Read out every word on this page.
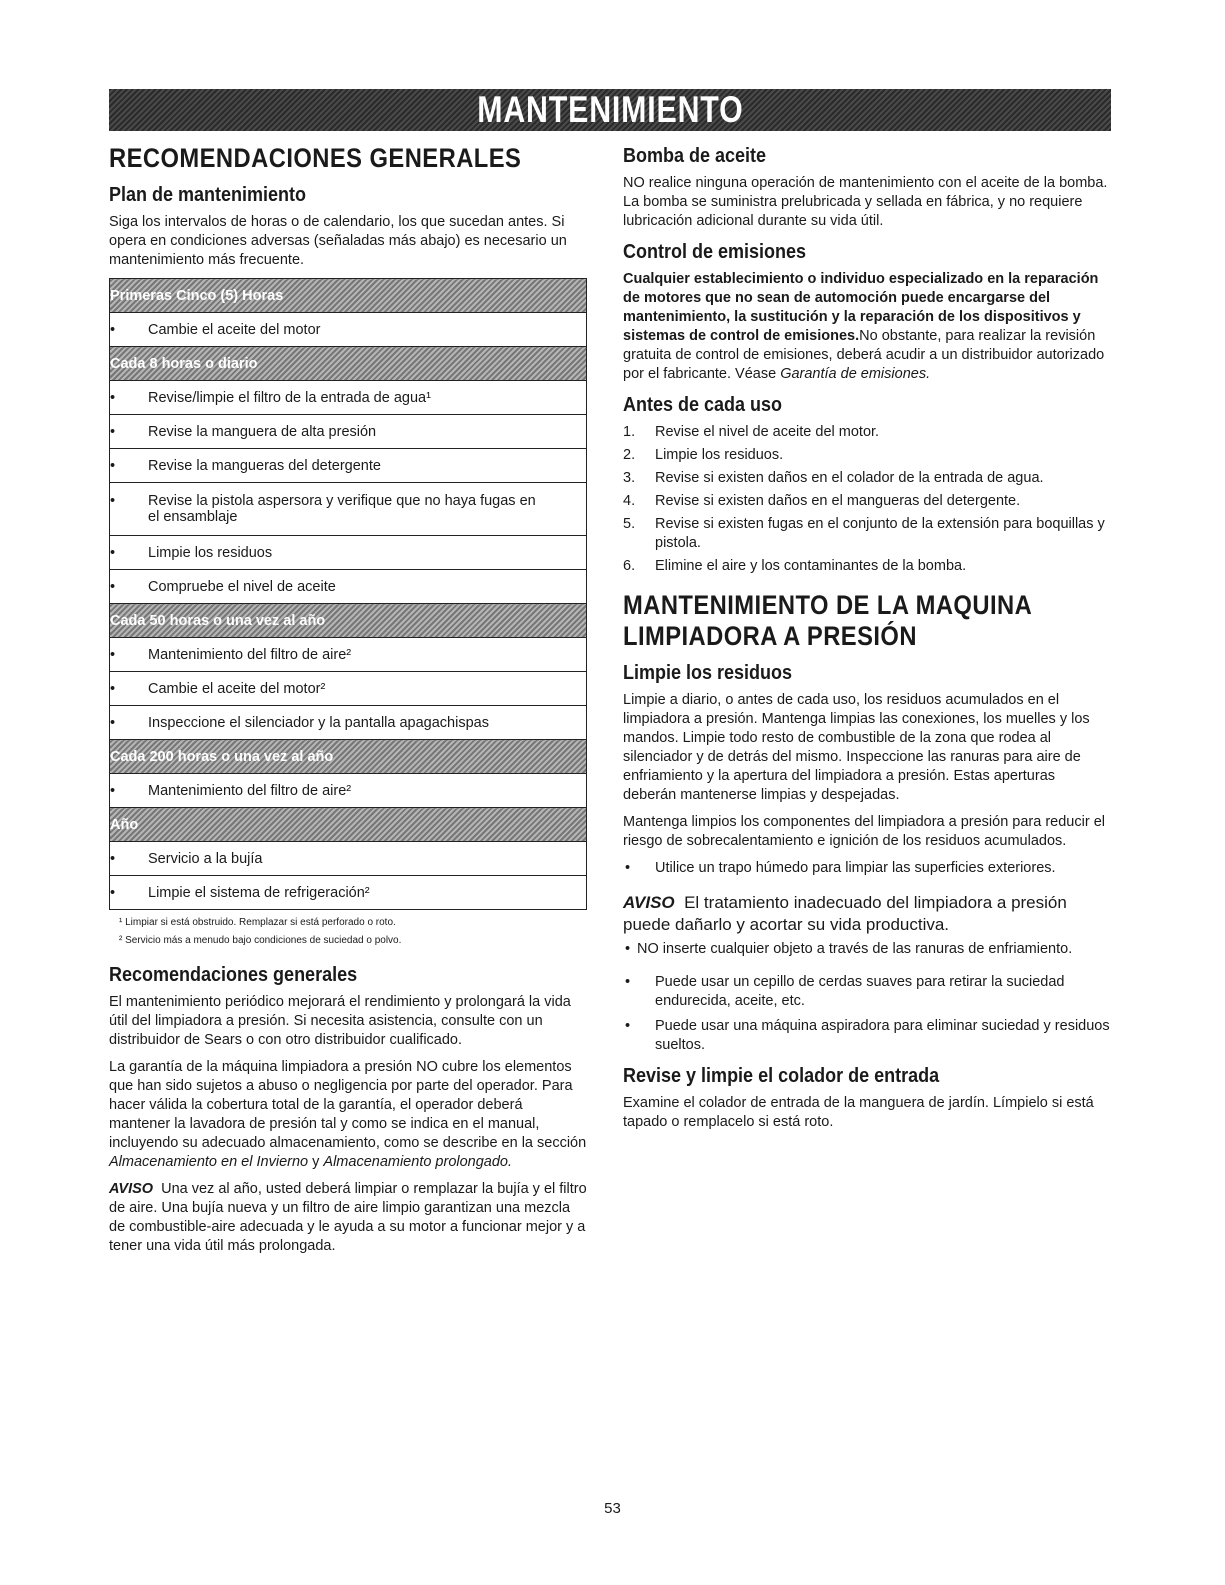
MANTENIMIENTO
RECOMENDACIONES GENERALES
Plan de mantenimiento

Siga los intervalos de horas o de calendario, los que sucedan antes. Si opera en condiciones adversas (señaladas más abajo) es necesario un mantenimiento más frecuente.

Primeras Cinco (5) Horas
• Cambie el aceite del motor
Cada 8 horas o diario
• Revise/limpie el filtro de la entrada de agua¹
• Revise la manguera de alta presión
• Revise la mangueras del detergente

•	Revise la pistola aspersora y verifique que no haya fugas en el ensamblaje

• Limpie los residuos
• Compruebe el nivel de aceite
Cada 50 horas o una vez al año
• Mantenimiento del filtro de aire²
• Cambie el aceite del motor²
• Inspeccione el silenciador y la pantalla apagachispas
Cada 200 horas o una vez al año
• Mantenimiento del filtro de aire²
Año
• Servicio a la bujía
• Limpie el sistema de refrigeración²
¹ Limpiar si está obstruido. Remplazar si está perforado o roto.
² Servicio más a menudo bajo condiciones de suciedad o polvo.
Recomendaciones generales

El mantenimiento periódico mejorará el rendimiento y prolongará la vida útil del limpiadora a presión. Si necesita asistencia, consulte con un distribuidor de Sears o con otro distribuidor cualificado.

La garantía de la máquina limpiadora a presión NO cubre los elementos que han sido sujetos a abuso o negligencia por parte del operador. Para hacer válida la cobertura total de la garantía, el operador deberá mantener la lavadora de presión tal y como se indica en el manual, incluyendo su adecuado almacenamiento, como se describe en la sección Almacenamiento en el Invierno y Almacenamiento prolongado.

AVISO Una vez al año, usted deberá limpiar o remplazar la bujía y el filtro de aire. Una bujía nueva y un filtro de aire limpio garantizan una mezcla de combustible-aire adecuada y le ayuda a su motor a funcionar mejor y a tener una vida útil más prolongada.

Bomba de aceite

NO realice ninguna operación de mantenimiento con el aceite de la bomba. La bomba se suministra prelubricada y sellada en fábrica, y no requiere lubricación adicional durante su vida útil.

Control de emisiones

Cualquier establecimiento o individuo especializado en la reparación de motores que no sean de automoción puede encargarse del mantenimiento, la sustitución y la reparación de los dispositivos y sistemas de control de emisiones.No obstante, para realizar la revisión gratuita de control de emisiones, deberá acudir a un distribuidor autorizado por el fabricante. Véase Garantía de emisiones.

Antes de cada uso
1.	Revise el nivel de aceite del motor.
2.	Limpie los residuos.
3.	Revise si existen daños en el colador de la entrada de agua.
4.	Revise si existen daños en el mangueras del detergente.
5.	Revise si existen fugas en el conjunto de la extensión para boquillas y pistola.
6.	Elimine el aire y los contaminantes de la bomba.
MANTENIMIENTO DE LA MAQUINA
LIMPIADORA A PRESIÓN
Limpie los residuos

Limpie a diario, o antes de cada uso, los residuos acumulados en el limpiadora a presión. Mantenga limpias las conexiones, los muelles y los mandos. Limpie todo resto de combustible de la zona que rodea al silenciador y de detrás del mismo. Inspeccione las ranuras para aire de enfriamiento y la apertura del limpiadora a presión. Estas aperturas deberán mantenerse limpias y despejadas.

Mantenga limpios los componentes del limpiadora a presión para reducir el riesgo de sobrecalentamiento e ignición de los residuos acumulados.

•	Utilice un trapo húmedo para limpiar las superficies exteriores.

AVISO El tratamiento inadecuado del limpiadora a presión puede dañarlo y acortar su vida productiva.

• NO inserte cualquier objeto a través de las ranuras de enfriamiento.
•	Puede usar un cepillo de cerdas suaves para retirar la suciedad endurecida, aceite, etc.
•	Puede usar una máquina aspiradora para eliminar suciedad y residuos sueltos.
Revise y limpie el colador de entrada

Examine el colador de entrada de la manguera de jardín. Límpielo si está tapado o remplacelo si está roto.

53
